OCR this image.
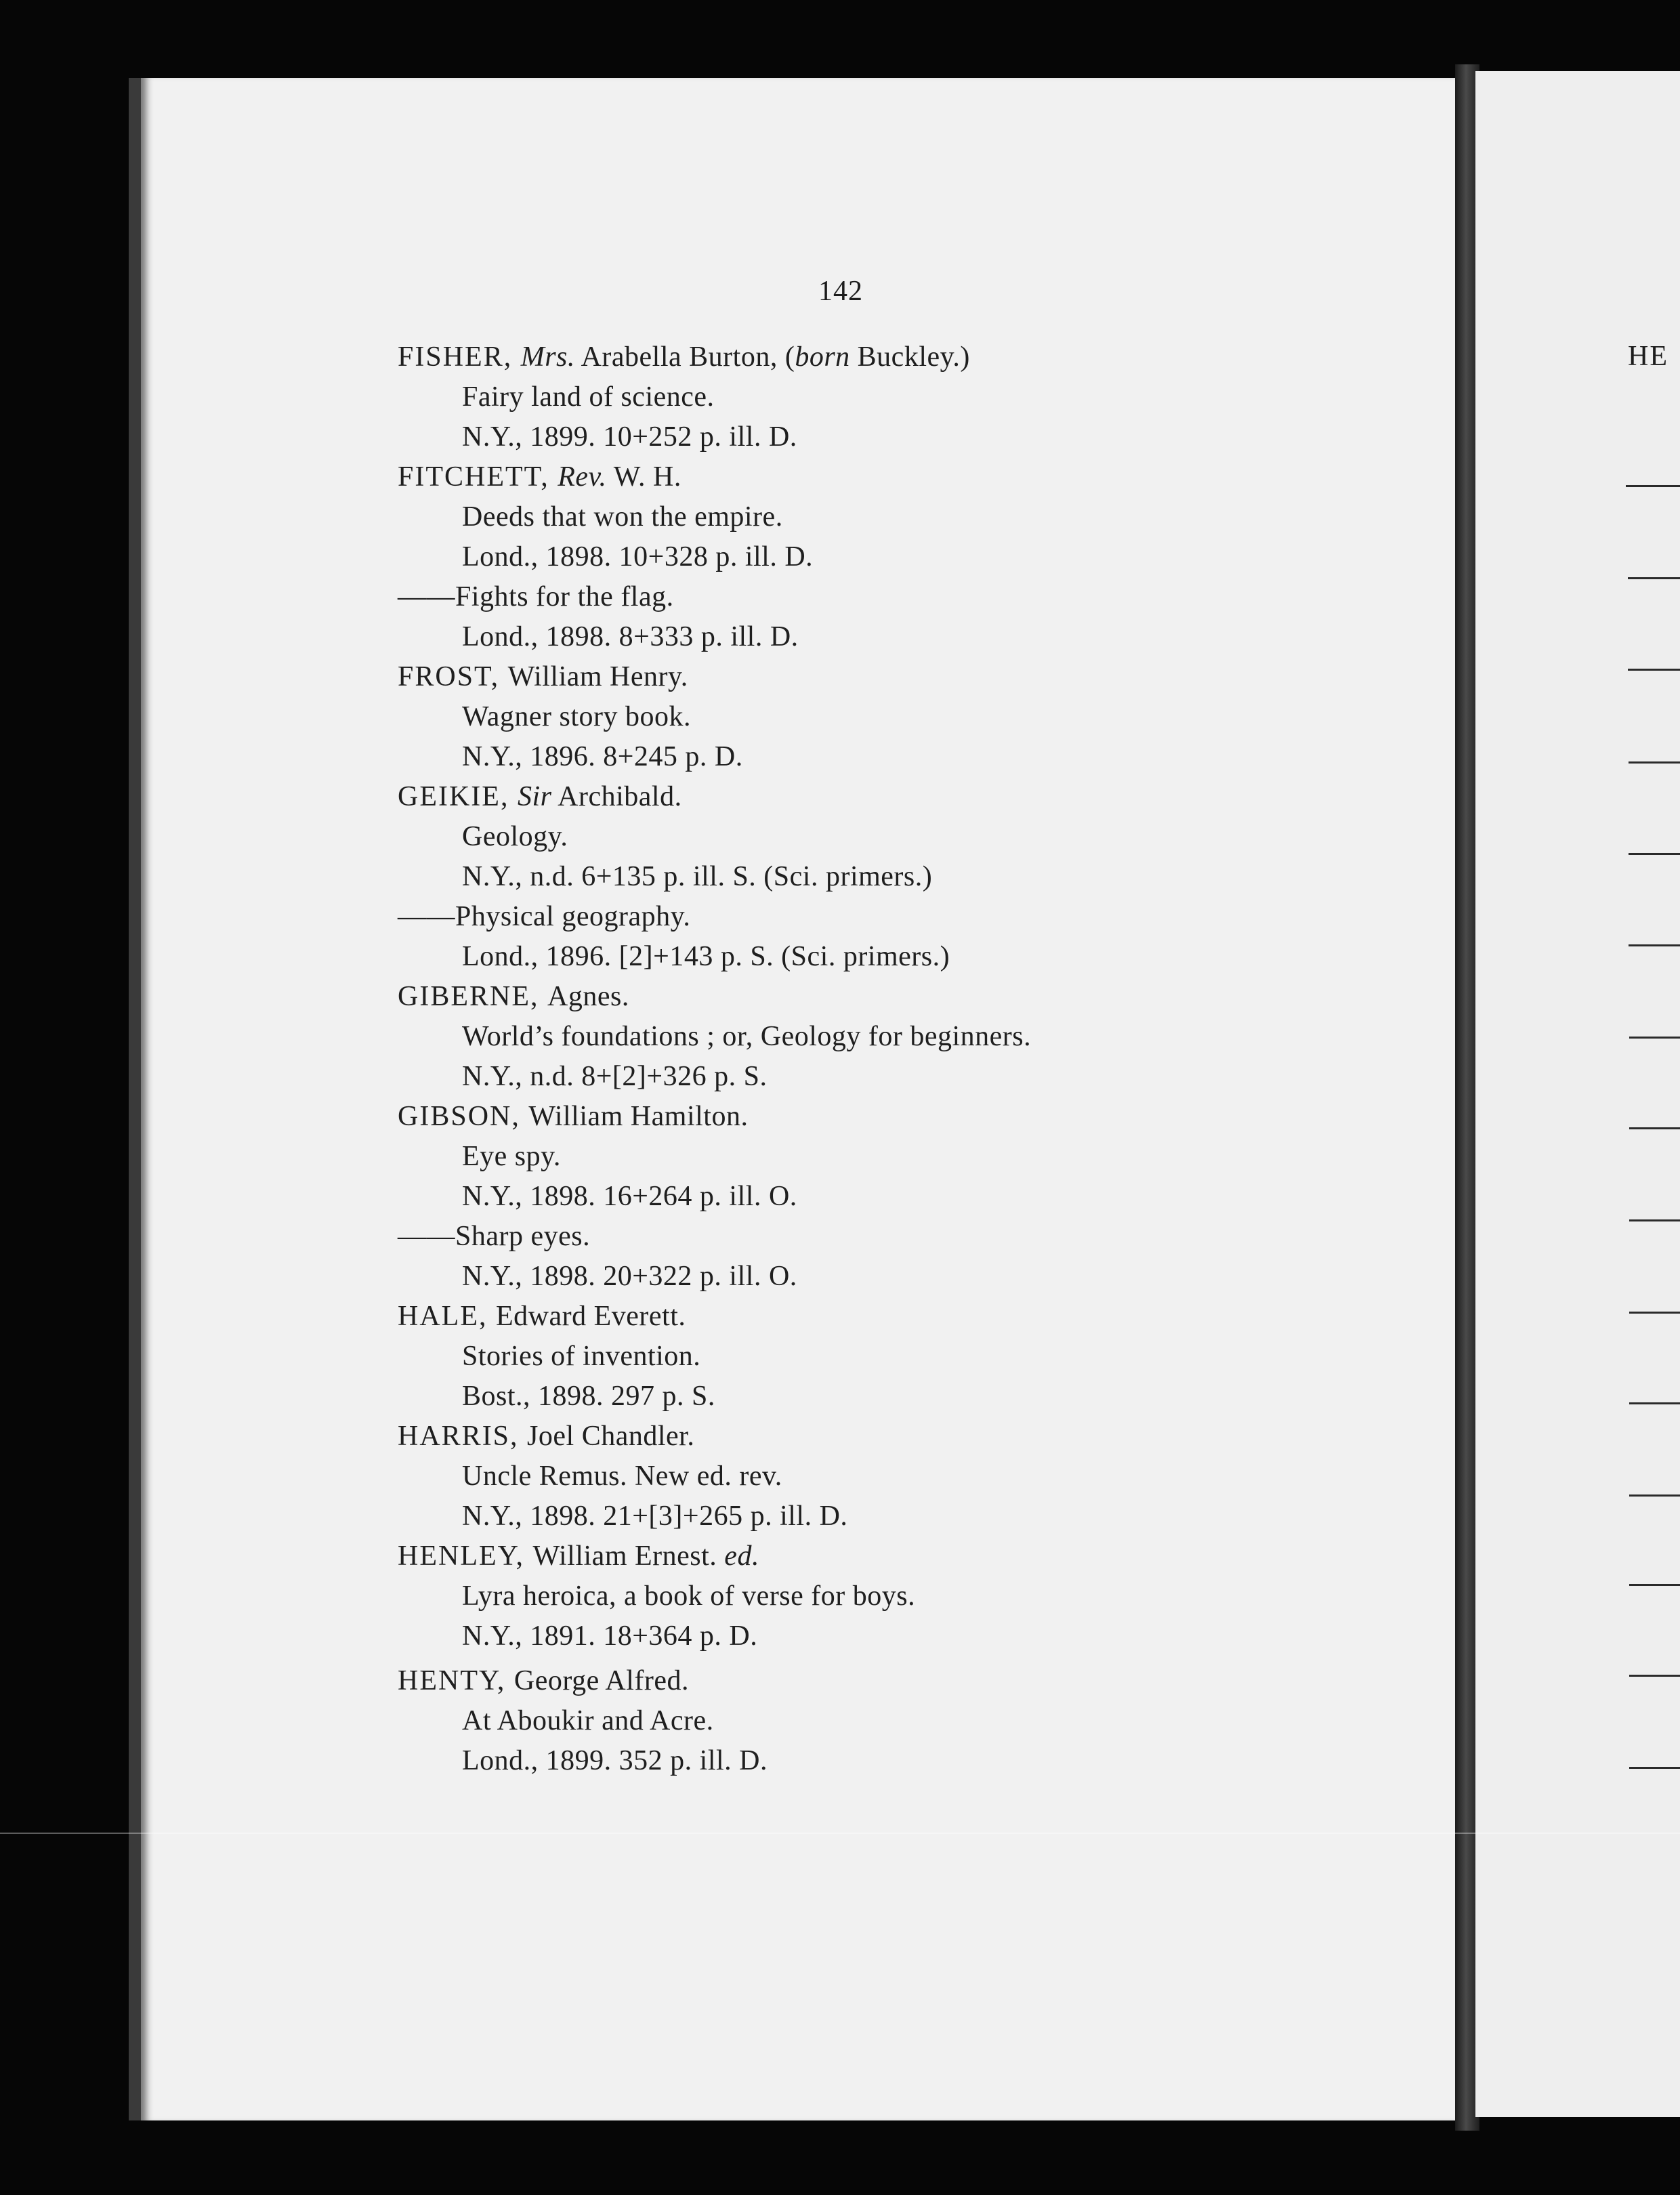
142
FISHER, Mrs. Arabella Burton, (born Buckley.)
Fairy land of science.
N.Y., 1899. 10+252 p. ill. D.
FITCHETT, Rev. W. H.
Deeds that won the empire.
Lond., 1898. 10+328 p. ill. D.
——Fights for the flag.
Lond., 1898. 8+333 p. ill. D.
FROST, William Henry.
Wagner story book.
N.Y., 1896. 8+245 p. D.
GEIKIE, Sir Archibald.
Geology.
N.Y., n.d. 6+135 p. ill. S. (Sci. primers.)
——Physical geography.
Lond., 1896. [2]+143 p. S. (Sci. primers.)
GIBERNE, Agnes.
World’s foundations ; or, Geology for beginners.
N.Y., n.d. 8+[2]+326 p. S.
GIBSON, William Hamilton.
Eye spy.
N.Y., 1898. 16+264 p. ill. O.
——Sharp eyes.
N.Y., 1898. 20+322 p. ill. O.
HALE, Edward Everett.
Stories of invention.
Bost., 1898. 297 p. S.
HARRIS, Joel Chandler.
Uncle Remus. New ed. rev.
N.Y., 1898. 21+[3]+265 p. ill. D.
HENLEY, William Ernest. ed.
Lyra heroica, a book of verse for boys.
N.Y., 1891. 18+364 p. D.
HENTY, George Alfred.
At Aboukir and Acre.
Lond., 1899. 352 p. ill. D.
HE
